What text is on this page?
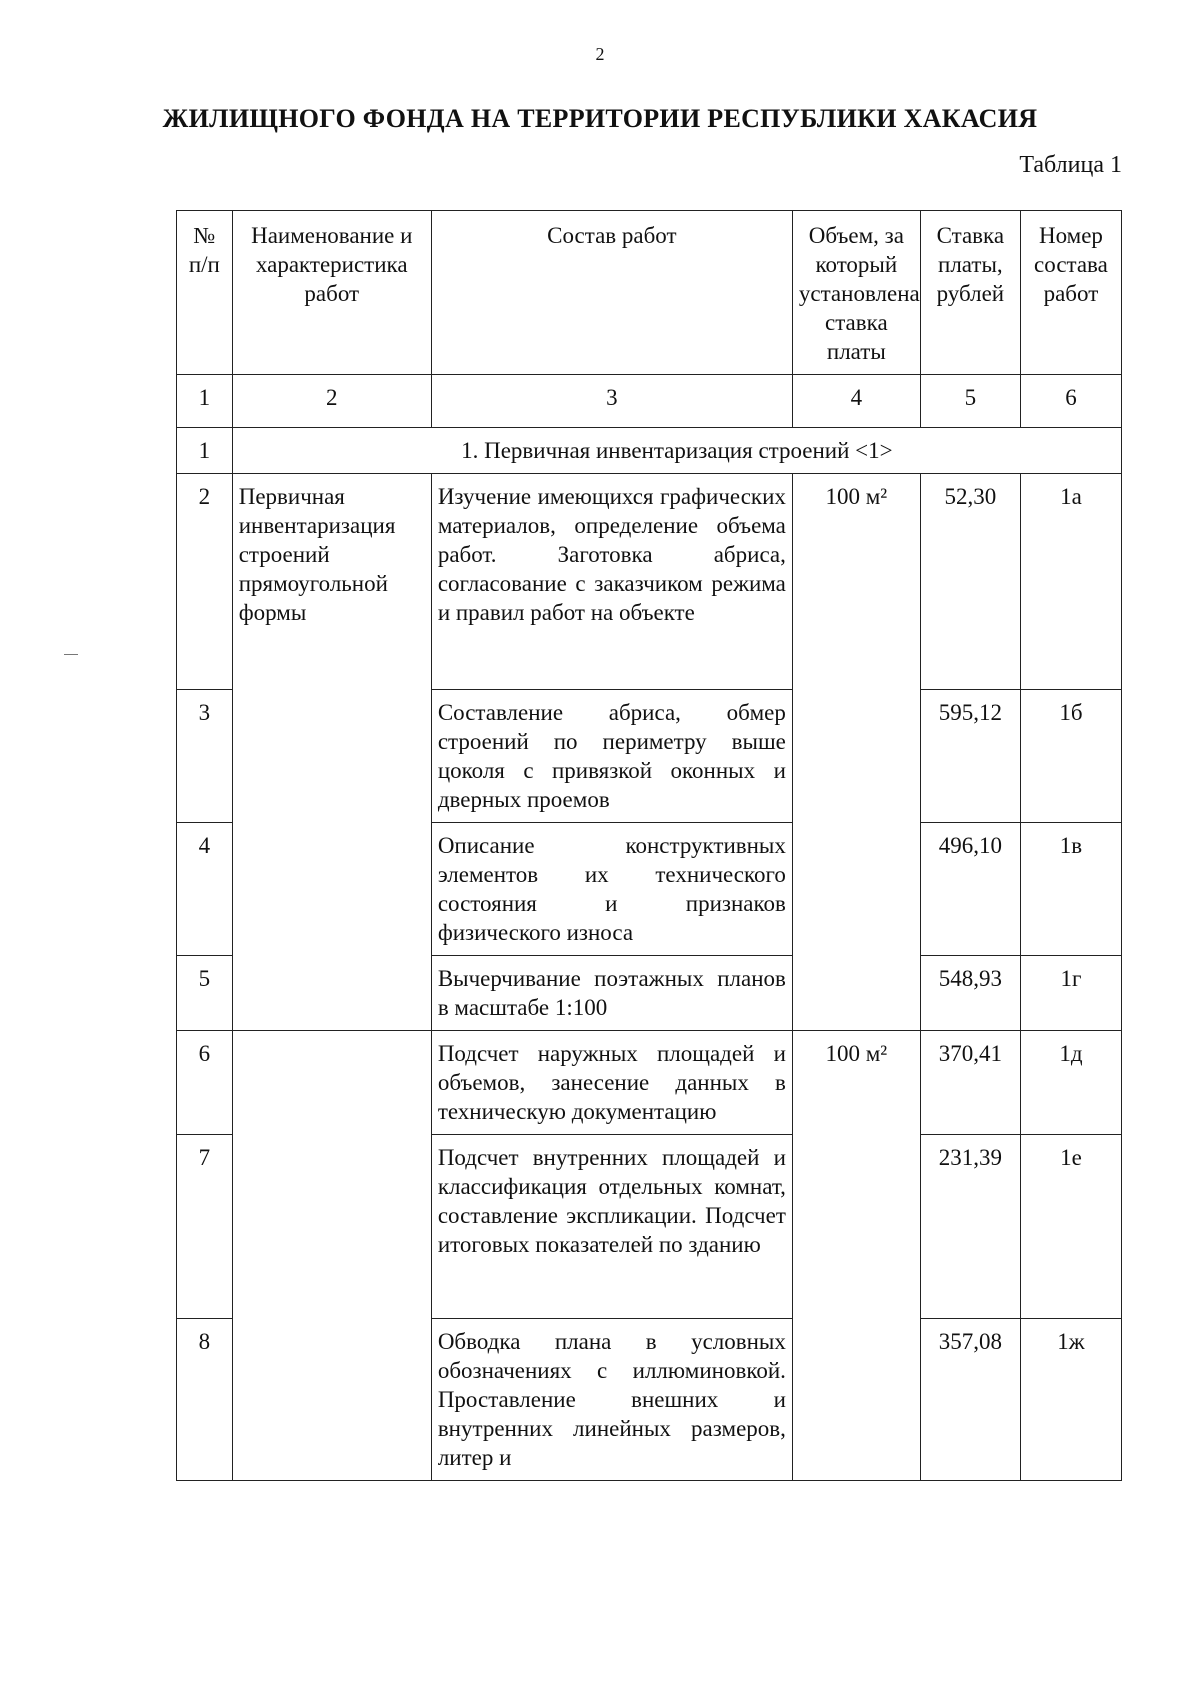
2
ЖИЛИЩНОГО ФОНДА НА ТЕРРИТОРИИ РЕСПУБЛИКИ ХАКАСИЯ
Таблица 1
№ п/п	Наименование и характеристика работ	Состав работ	Объем, за который установлена ставка платы	Ставка платы, рублей	Номер состава работ
1	2	3	4	5	6
1	1. Первичная инвентаризация строений <1>				
2	Первичная инвентаризация строений прямоугольной формы	Изучение имеющихся графических материалов, определение объема работ. Заготовка абриса, согласование с заказчиком режима и правил работ на объекте	100 м²	52,30	1а
3		Составление абриса, обмер строений по периметру выше цоколя с привязкой оконных и дверных проемов		595,12	1б
4		Описание конструктивных элементов их технического состояния и признаков физического износа		496,10	1в
5		Вычерчивание поэтажных планов в масштабе 1:100		548,93	1г
6		Подсчет наружных площадей и объемов, занесение данных в техническую документацию	100 м²	370,41	1д
7		Подсчет внутренних площадей и классификация отдельных комнат, составление экспликации. Подсчет итоговых показателей по зданию		231,39	1е
8		Обводка плана в условных обозначениях с иллюминовкой. Проставление внешних и внутренних линейных размеров, литер и		357,08	1ж
